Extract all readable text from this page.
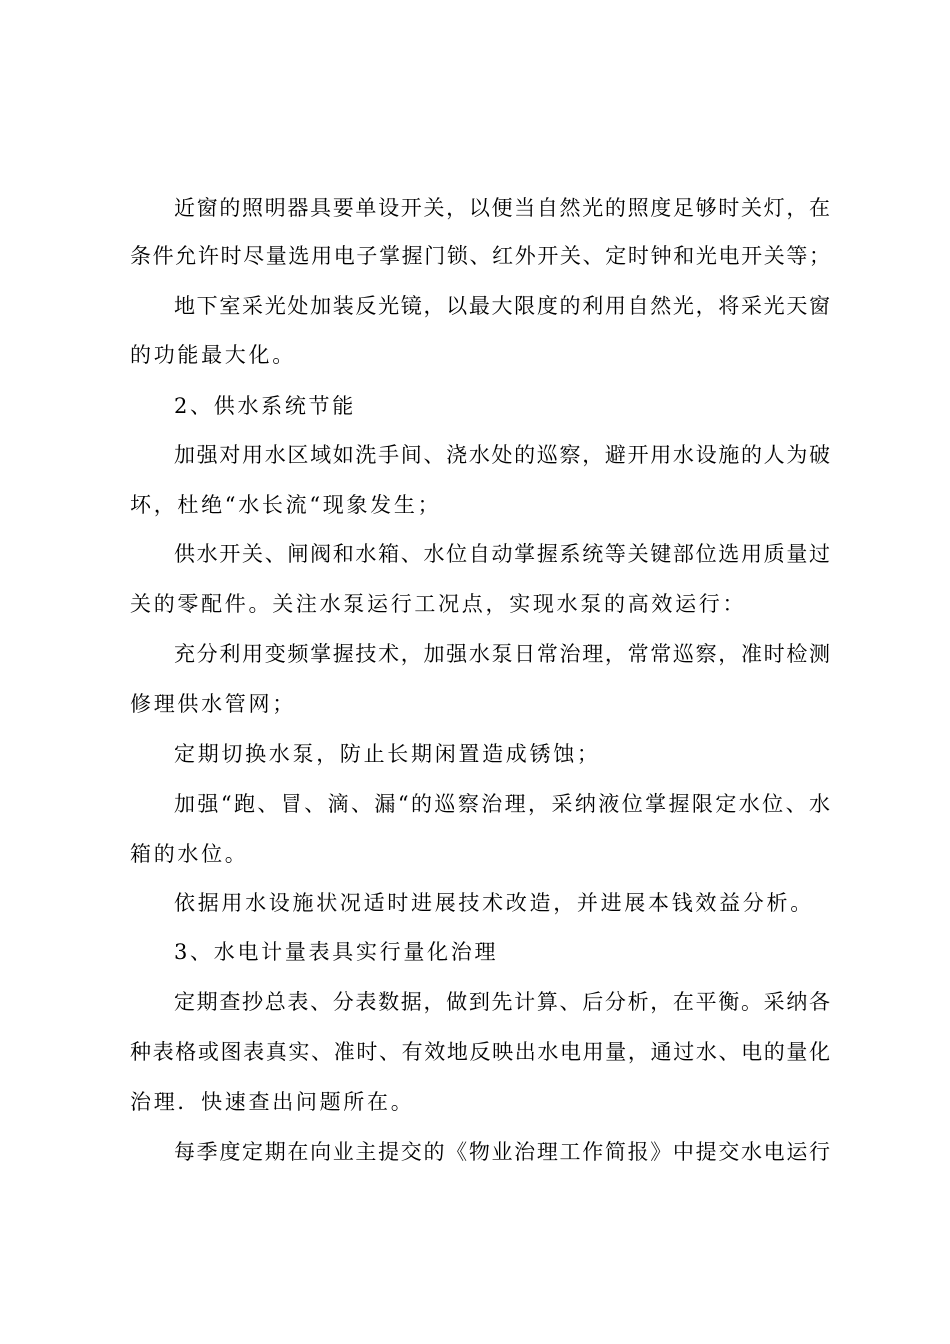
近窗的照明器具要单设开关，以便当自然光的照度足够时关灯，在

条件允许时尽量选用电子掌握门锁、红外开关、定时钟和光电开关等；

地下室采光处加装反光镜，以最大限度的利用自然光，将采光天窗

的功能最大化。

2、供水系统节能

加强对用水区域如洗手间、浇水处的巡察，避开用水设施的人为破

坏，杜绝“水长流“现象发生；

供水开关、闸阀和水箱、水位自动掌握系统等关键部位选用质量过

关的零配件。关注水泵运行工况点，实现水泵的高效运行：

充分利用变频掌握技术，加强水泵日常治理，常常巡察，准时检测

修理供水管网；

定期切换水泵，防止长期闲置造成锈蚀；

加强“跑、冒、滴、漏“的巡察治理，采纳液位掌握限定水位、水

箱的水位。

依据用水设施状况适时进展技术改造，并进展本钱效益分析。

3、水电计量表具实行量化治理

定期查抄总表、分表数据，做到先计算、后分析，在平衡。采纳各

种表格或图表真实、准时、有效地反映出水电用量，通过水、电的量化

治理．快速查出问题所在。

每季度定期在向业主提交的《物业治理工作简报》中提交水电运行
